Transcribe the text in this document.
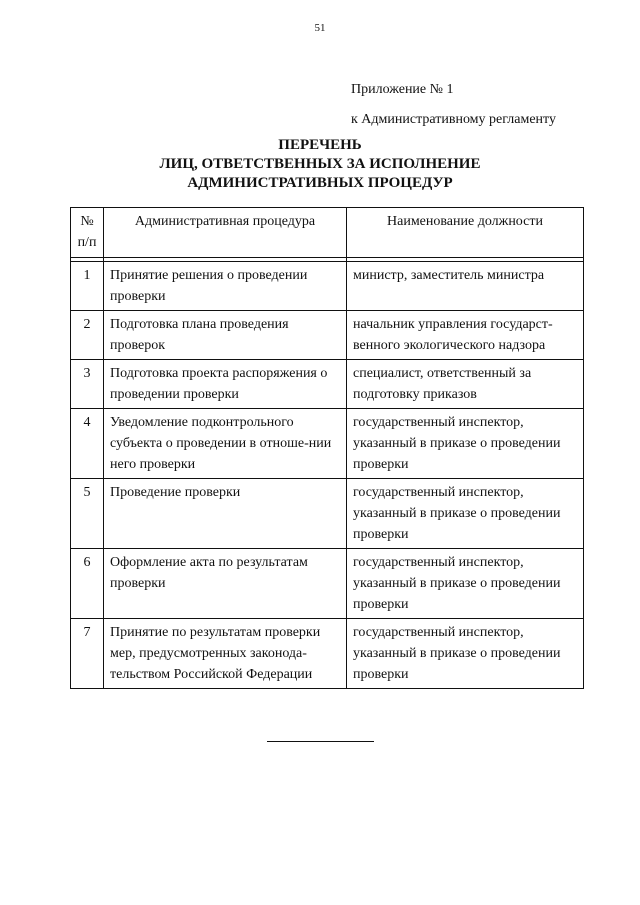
51
Приложение № 1
к Административному регламенту
ПЕРЕЧЕНЬ
ЛИЦ, ОТВЕТСТВЕННЫХ ЗА ИСПОЛНЕНИЕ
АДМИНИСТРАТИВНЫХ ПРОЦЕДУР
№
п/п	Административная процедура	Наименование должности

1	Принятие решения о проведении проверки	министр, заместитель министра
2	Подготовка плана проведения проверок	начальник управления государст-венного экологического надзора
3	Подготовка проекта распоряжения о проведении проверки	специалист, ответственный за подготовку приказов
4	Уведомление подконтрольного субъекта о проведении в отноше-нии него проверки	государственный инспектор, указанный в приказе о проведении проверки
5	Проведение проверки	государственный инспектор, указанный в приказе о проведении проверки
6	Оформление акта по результатам проверки	государственный инспектор, указанный в приказе о проведении проверки
7	Принятие по результатам проверки мер, предусмотренных законода-тельством Российской Федерации	государственный инспектор, указанный в приказе о проведении проверки
